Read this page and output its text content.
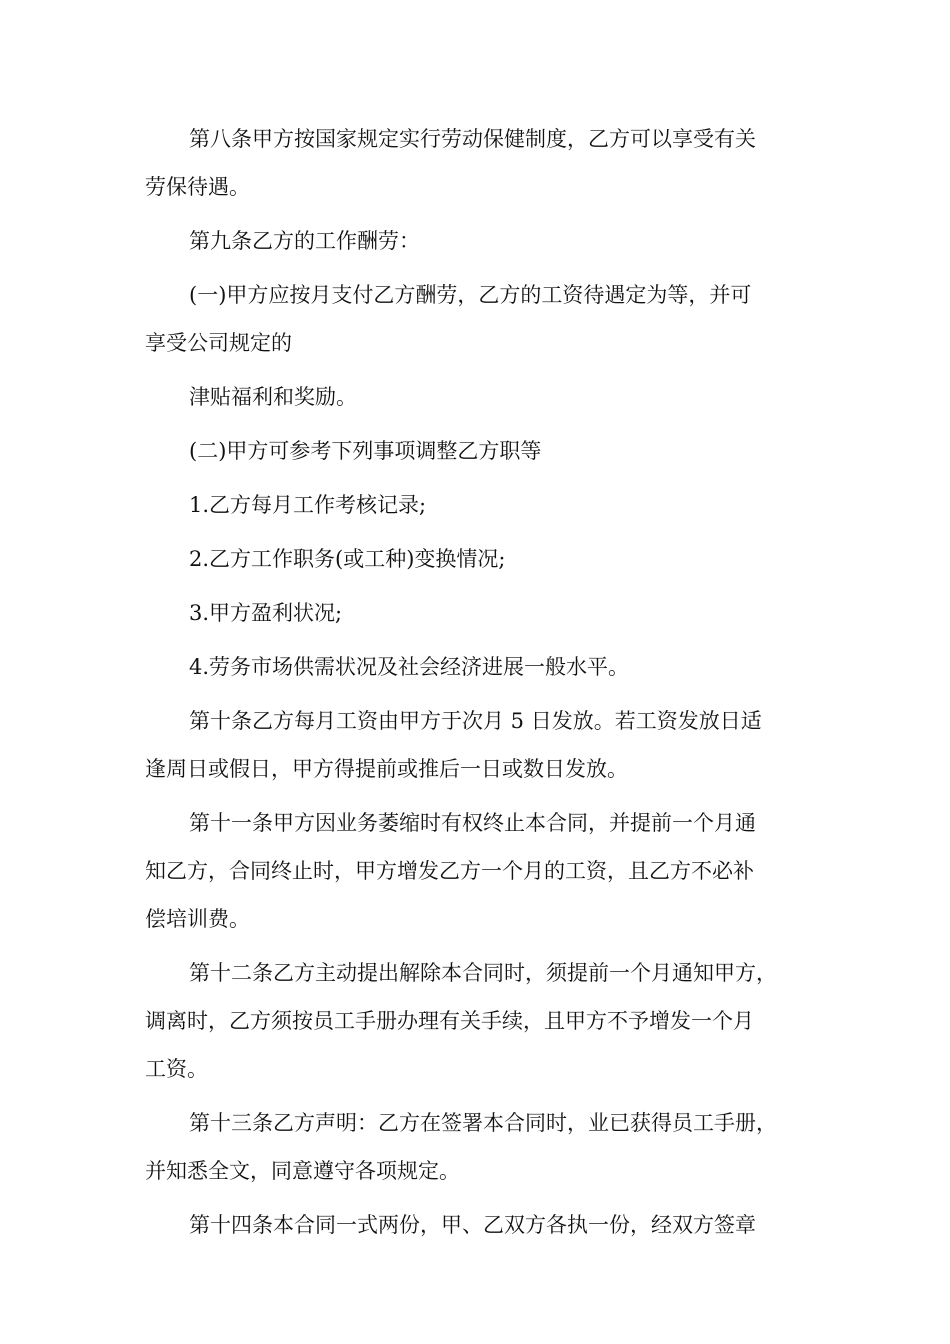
第八条甲方按国家规定实行劳动保健制度，乙方可以享受有关

劳保待遇。

第九条乙方的工作酬劳：

(一)甲方应按月支付乙方酬劳，乙方的工资待遇定为等，并可

享受公司规定的

津贴福利和奖励。

(二)甲方可参考下列事项调整乙方职等

1.乙方每月工作考核记录;

2.乙方工作职务(或工种)变换情况;

3.甲方盈利状况;

4.劳务市场供需状况及社会经济进展一般水平。

第十条乙方每月工资由甲方于次月 5 日发放。若工资发放日适

逢周日或假日，甲方得提前或推后一日或数日发放。

第十一条甲方因业务萎缩时有权终止本合同，并提前一个月通

知乙方，合同终止时，甲方增发乙方一个月的工资，且乙方不必补

偿培训费。

第十二条乙方主动提出解除本合同时，须提前一个月通知甲方，

调离时，乙方须按员工手册办理有关手续，且甲方不予增发一个月

工资。

第十三条乙方声明：乙方在签署本合同时，业已获得员工手册，

并知悉全文，同意遵守各项规定。

第十四条本合同一式两份，甲、乙双方各执一份，经双方签章
